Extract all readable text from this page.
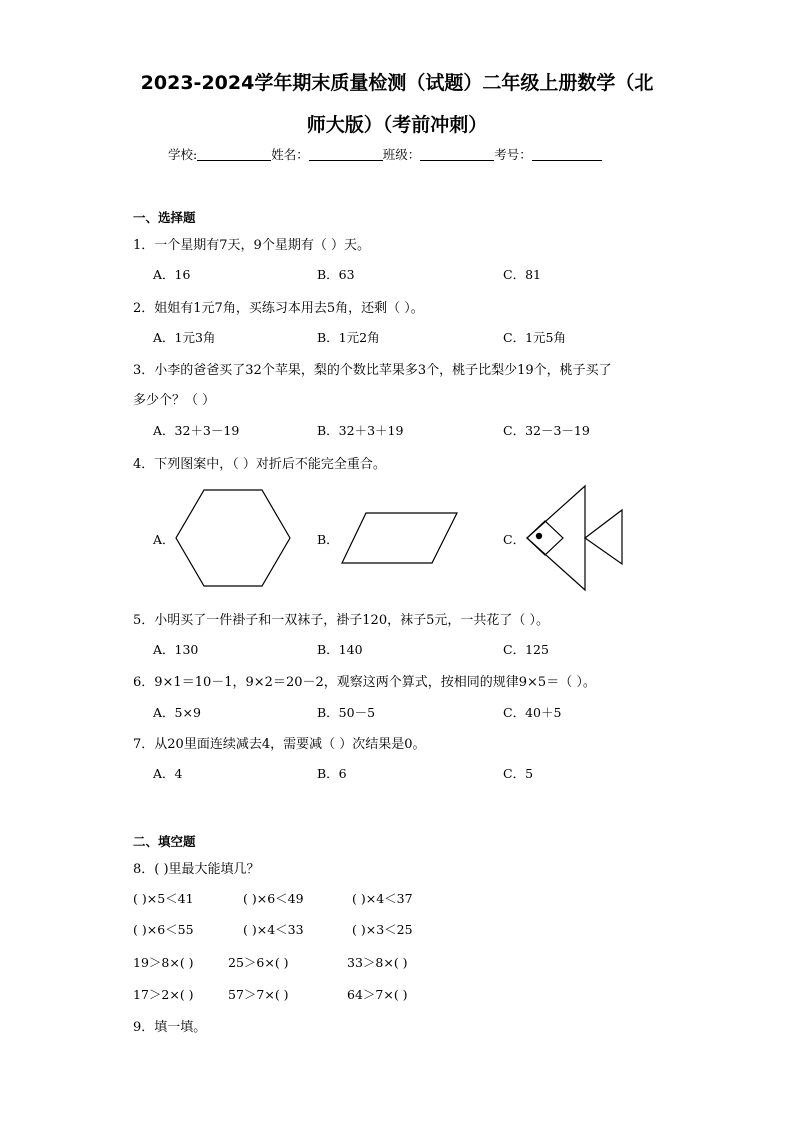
2023-2024学年期末质量检测（试题）二年级上册数学（北
师大版）（考前冲刺）
学校:	姓名：	班级：	考号：
一、选择题
1．一个星期有7天，9个星期有（ ）天。
A．16	B．63	C．81
2．姐姐有1元7角，买练习本用去5角，还剩（ ）。
A．1元3角	B．1元2角	C．1元5角
3．小李的爸爸买了32个苹果，梨的个数比苹果多3个，桃子比梨少19个，桃子买了
多少个？（ ）
A．32＋3－19	B．32＋3＋19	C．32－3－19
4．下列图案中，（ ）对折后不能完全重合。
A．	B．	C．
5．小明买了一件褂子和一双袜子，褂子120，袜子5元，一共花了（ ）。
A．130	B．140	C．125
6．9×1＝10－1，9×2＝20－2，观察这两个算式，按相同的规律9×5＝（ ）。
A．5×9	B．50－5	C．40＋5
7．从20里面连续减去4，需要减（ ）次结果是0。
A．4	B．6	C．5
二、填空题
8．( )里最大能填几？
( )×5＜41	( )×6＜49	( )×4＜37
( )×6＜55	( )×4＜33	( )×3＜25
19＞8×( )	25＞6×( )	33＞8×( )
17＞2×( )	57＞7×( )	64＞7×( )
9．填一填。
